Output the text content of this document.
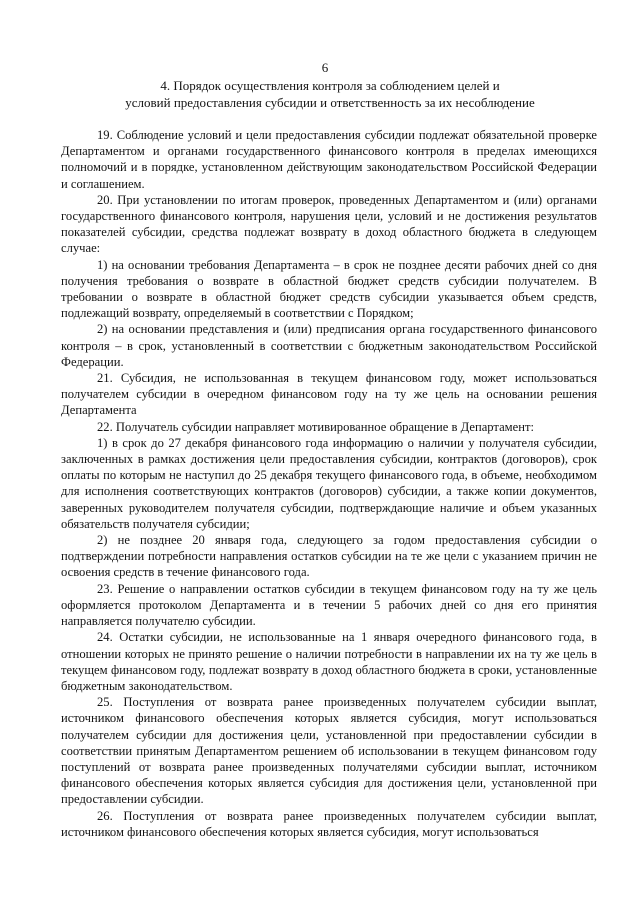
6
4. Порядок осуществления контроля за соблюдением целей и
условий предоставления субсидии и ответственность за их несоблюдение

19. Соблюдение условий и цели предоставления субсидии подлежат обязательной проверке Департаментом и органами государственного финансового контроля в пределах имеющихся полномочий и в порядке, установленном действующим законодательством Российской Федерации и соглашением.

20. При установлении по итогам проверок, проведенных Департаментом и (или) органами государственного финансового контроля, нарушения цели, условий и не достижения результатов показателей субсидии, средства подлежат возврату в доход областного бюджета в следующем случае:

1) на основании требования Департамента – в срок не позднее десяти рабочих дней со дня получения требования о возврате в областной бюджет средств субсидии получателем. В требовании о возврате в областной бюджет средств субсидии указывается объем средств, подлежащий возврату, определяемый в соответствии с Порядком;

2) на основании представления и (или) предписания органа государственного финансового контроля – в срок, установленный в соответствии с бюджетным законодательством Российской Федерации.

21. Субсидия, не использованная в текущем финансовом году, может использоваться получателем субсидии в очередном финансовом году на ту же цель на основании решения Департамента

22. Получатель субсидии направляет мотивированное обращение в Департамент:

1) в срок до 27 декабря финансового года информацию о наличии у получателя субсидии, заключенных в рамках достижения цели предоставления субсидии, контрактов (договоров), срок оплаты по которым не наступил до 25 декабря текущего финансового года, в объеме, необходимом для исполнения соответствующих контрактов (договоров) субсидии, а также копии документов, заверенных руководителем получателя субсидии, подтверждающие наличие и объем указанных обязательств получателя субсидии;

2) не позднее 20 января года, следующего за годом предоставления субсидии о подтверждении потребности направления остатков субсидии на те же цели с указанием причин не освоения средств в течение финансового года.

23. Решение о направлении остатков субсидии в текущем финансовом году на ту же цель оформляется протоколом Департамента и в течении 5 рабочих дней со дня его принятия направляется получателю субсидии.

24. Остатки субсидии, не использованные на 1 января очередного финансового года, в отношении которых не принято решение о наличии потребности в направлении их на ту же цель в текущем финансовом году, подлежат возврату в доход областного бюджета в сроки, установленные бюджетным законодательством.

25. Поступления от возврата ранее произведенных получателем субсидии выплат, источником финансового обеспечения которых является субсидия, могут использоваться получателем субсидии для достижения цели, установленной при предоставлении субсидии в соответствии принятым Департаментом решением об использовании в текущем финансовом году поступлений от возврата ранее произведенных получателями субсидии выплат, источником финансового обеспечения которых является субсидия для достижения цели, установленной при предоставлении субсидии.

26. Поступления от возврата ранее произведенных получателем субсидии выплат, источником финансового обеспечения которых является субсидия, могут использоваться
